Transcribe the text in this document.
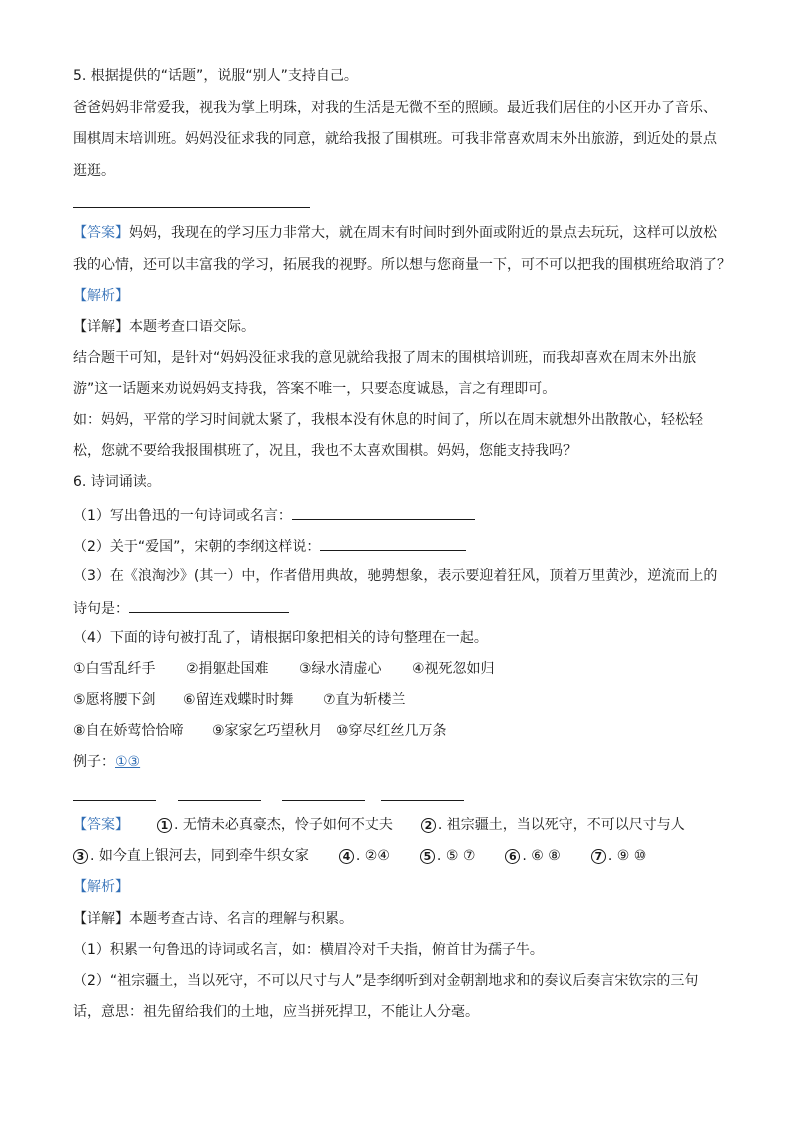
5. 根据提供的“话题”，说服“别人”支持自己。
爸爸妈妈非常爱我，视我为掌上明珠，对我的生活是无微不至的照顾。最近我们居住的小区开办了音乐、
围棋周末培训班。妈妈没征求我的同意，就给我报了围棋班。可我非常喜欢周末外出旅游，到近处的景点
逛逛。
【答案】妈妈，我现在的学习压力非常大，就在周末有时间时到外面或附近的景点去玩玩，这样可以放松
我的心情，还可以丰富我的学习，拓展我的视野。所以想与您商量一下，可不可以把我的围棋班给取消了？
【解析】
【详解】本题考查口语交际。
结合题干可知，是针对“妈妈没征求我的意见就给我报了周末的围棋培训班，而我却喜欢在周末外出旅
游”这一话题来劝说妈妈支持我，答案不唯一，只要态度诚恳，言之有理即可。
如：妈妈，平常的学习时间就太紧了，我根本没有休息的时间了，所以在周末就想外出散散心，轻松轻
松，您就不要给我报围棋班了，况且，我也不太喜欢围棋。妈妈，您能支持我吗？
6. 诗词诵读。
（1）写出鲁迅的一句诗词或名言：
（2）关于“爱国”，宋朝的李纲这样说：
（3）在《浪淘沙》(其一）中，作者借用典故，驰骋想象，表示要迎着狂风，顶着万里黄沙，逆流而上的
诗句是：
（4）下面的诗句被打乱了，请根据印象把相关的诗句整理在一起。
①白雪乱纤手 ②捐躯赴国难 ③绿水清虚心 ④视死忽如归
⑤愿将腰下剑 ⑥留连戏蝶时时舞 ⑦直为斩楼兰
⑧自在娇莺恰恰啼 ⑨家家乞巧望秋月 ⑩穿尽红丝几万条
例子：①③
【答案】	1 . 无情未必真豪杰，怜子如何不丈夫	2 . 祖宗疆土，当以死守，不可以尺寸与人
3 . 如今直上银河去，同到牵牛织女家	4 . ②④	5 . ⑤ ⑦	6 . ⑥ ⑧	7 . ⑨ ⑩
【解析】
【详解】本题考查古诗、名言的理解与积累。
（1）积累一句鲁迅的诗词或名言，如：横眉冷对千夫指，俯首甘为孺子牛。
（2）“祖宗疆土，当以死守，不可以尺寸与人”是李纲听到对金朝割地求和的奏议后奏言宋钦宗的三句
话，意思：祖先留给我们的土地，应当拼死捍卫，不能让人分毫。
